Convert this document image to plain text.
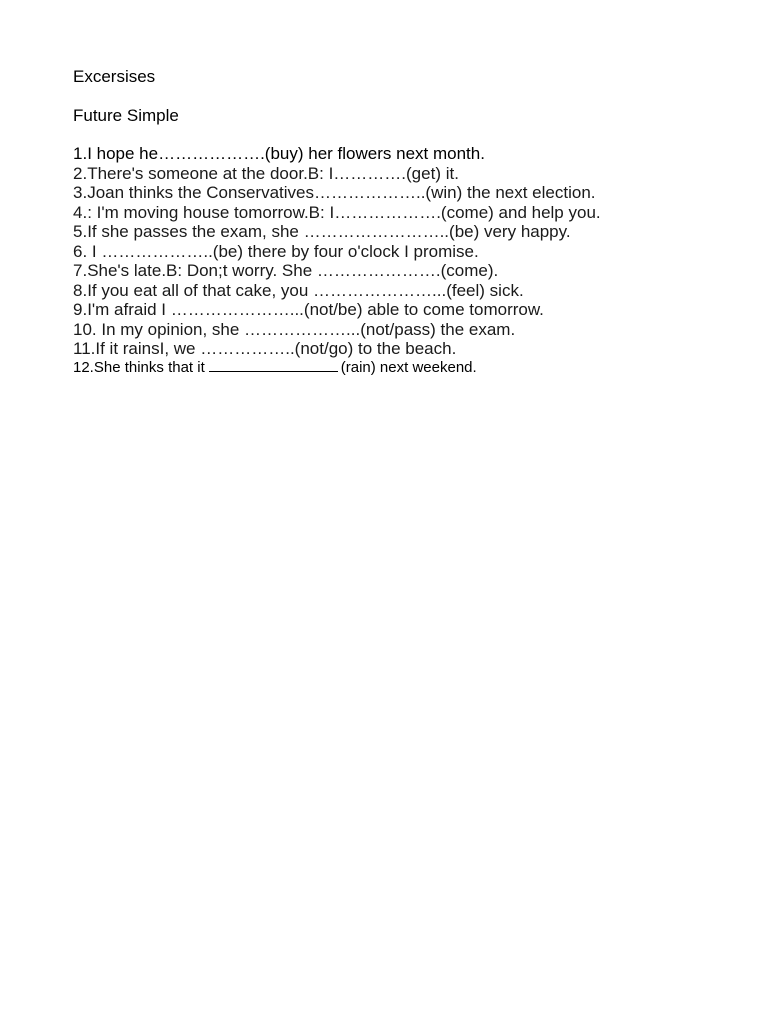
Excersises

Future Simple

1.I hope he……………….(buy) her flowers next month.
2.There's someone at the door.B: I………….(get) it.
3.Joan thinks the Conservatives………………..(win) the next election.
4.: I'm moving house tomorrow.B: I……………….(come) and help you.
5.If she passes the exam, she ……………………..(be) very happy.
6. I ………………..(be) there by four o'clock I promise.
7.She's late.B: Don;t worry. She ………………….(come).
8.If you eat all of that cake, you …………………...(feel) sick.
9.I'm afraid I …………………...(not/be) able to come tomorrow.
10. In my opinion, she ………………...(not/pass) the exam.
11.If it rainsI, we ……………..(not/go) to the beach.
12.She thinks that it	(rain) next weekend.
